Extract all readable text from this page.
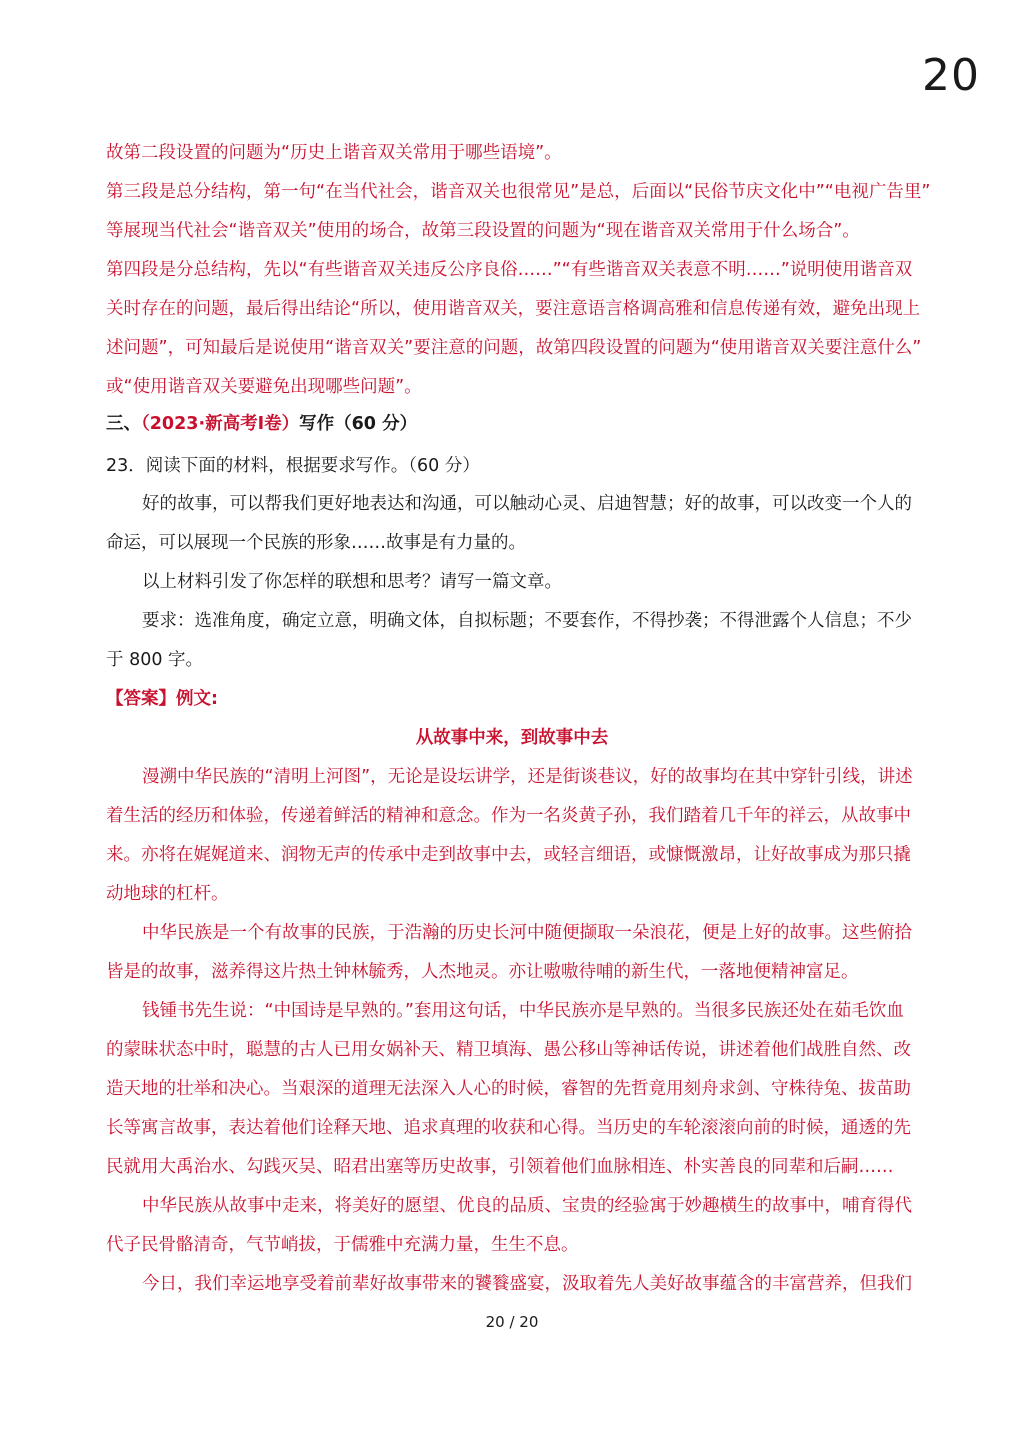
20
故第二段设置的问题为“历史上谐音双关常用于哪些语境”。
第三段是总分结构，第一句“在当代社会，谐音双关也很常见”是总，后面以“民俗节庆文化中”“电视广告里”
等展现当代社会“谐音双关”使用的场合，故第三段设置的问题为“现在谐音双关常用于什么场合”。
第四段是分总结构，先以“有些谐音双关违反公序良俗……”“有些谐音双关表意不明……”说明使用谐音双
关时存在的问题，最后得出结论“所以，使用谐音双关，要注意语言格调高雅和信息传递有效，避免出现上
述问题”，可知最后是说使用“谐音双关”要注意的问题，故第四段设置的问题为“使用谐音双关要注意什么”
或“使用谐音双关要避免出现哪些问题”。
三、（2023·新高考Ⅰ卷）写作（60 分）
23．阅读下面的材料，根据要求写作。（60 分）
好的故事，可以帮我们更好地表达和沟通，可以触动心灵、启迪智慧；好的故事，可以改变一个人的
命运，可以展现一个民族的形象……故事是有力量的。
以上材料引发了你怎样的联想和思考？请写一篇文章。
要求：选准角度，确定立意，明确文体，自拟标题；不要套作，不得抄袭；不得泄露个人信息；不少
于 800 字。
【答案】例文:
从故事中来，到故事中去
漫溯中华民族的“清明上河图”，无论是设坛讲学，还是街谈巷议，好的故事均在其中穿针引线，讲述
着生活的经历和体验，传递着鲜活的精神和意念。作为一名炎黄子孙，我们踏着几千年的祥云，从故事中
来。亦将在娓娓道来、润物无声的传承中走到故事中去，或轻言细语，或慷慨激昂，让好故事成为那只撬
动地球的杠杆。
中华民族是一个有故事的民族，于浩瀚的历史长河中随便撷取一朵浪花，便是上好的故事。这些俯拾
皆是的故事，滋养得这片热土钟林毓秀，人杰地灵。亦让嗷嗷待哺的新生代，一落地便精神富足。
钱锺书先生说：“中国诗是早熟的。”套用这句话，中华民族亦是早熟的。当很多民族还处在茹毛饮血
的蒙昧状态中时，聪慧的古人已用女娲补天、精卫填海、愚公移山等神话传说，讲述着他们战胜自然、改
造天地的壮举和决心。当艰深的道理无法深入人心的时候，睿智的先哲竟用刻舟求剑、守株待兔、拔苗助
长等寓言故事，表达着他们诠释天地、追求真理的收获和心得。当历史的车轮滚滚向前的时候，通透的先
民就用大禹治水、勾践灭吴、昭君出塞等历史故事，引领着他们血脉相连、朴实善良的同辈和后嗣……
中华民族从故事中走来，将美好的愿望、优良的品质、宝贵的经验寓于妙趣横生的故事中，哺育得代
代子民骨骼清奇，气节峭拔，于儒雅中充满力量，生生不息。
今日，我们幸运地享受着前辈好故事带来的饕餮盛宴，汲取着先人美好故事蕴含的丰富营养，但我们
20 / 20
